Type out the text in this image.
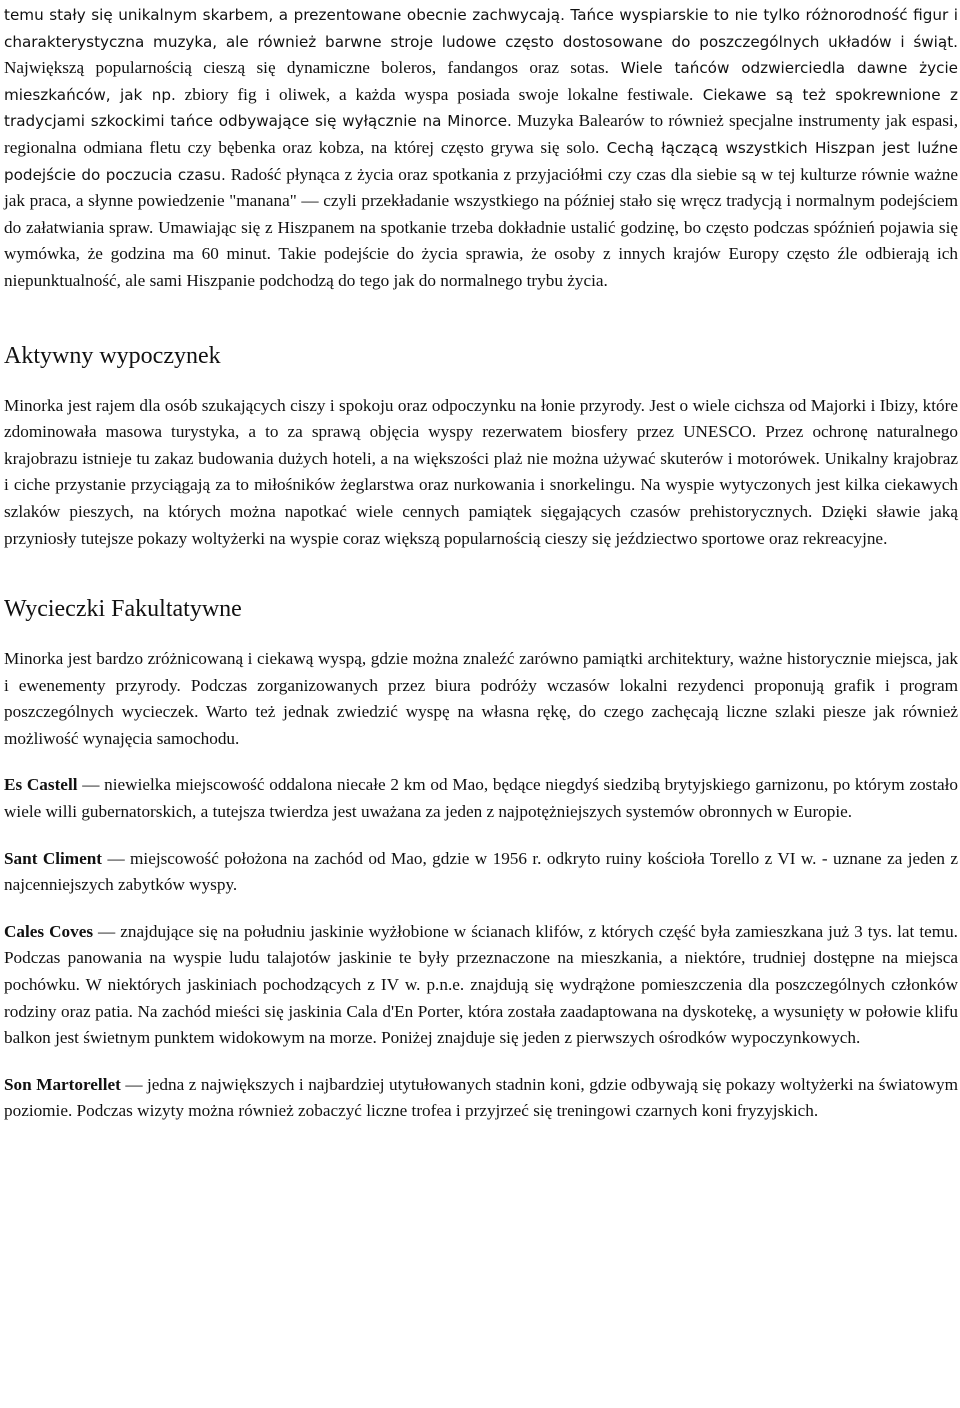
temu stały się unikalnym skarbem, a prezentowane obecnie zachwycają. Tańce wyspiarskie to nie tylko różnorodność figur i charakterystyczna muzyka, ale również barwne stroje ludowe często dostosowane do poszczególnych układów i świąt. Największą popularnością cieszą się dynamiczne boleros, fandangos oraz sotas. Wiele tańców odzwierciedla dawne życie mieszkańców, jak np. zbiory fig i oliwek, a każda wyspa posiada swoje lokalne festiwale. Ciekawe są też spokrewnione z tradycjami szkockimi tańce odbywające się wyłącznie na Minorce. Muzyka Balearów to również specjalne instrumenty jak espasi, regionalna odmiana fletu czy bębenka oraz kobza, na której często grywa się solo. Cechą łączącą wszystkich Hiszpan jest luźne podejście do poczucia czasu. Radość płynąca z życia oraz spotkania z przyjaciółmi czy czas dla siebie są w tej kulturze równie ważne jak praca, a słynne powiedzenie "manana" ― czyli przekładanie wszystkiego na później stało się wręcz tradycją i normalnym podejściem do załatwiania spraw. Umawiając się z Hiszpanem na spotkanie trzeba dokładnie ustalić godzinę, bo często podczas spóźnień pojawia się wymówka, że godzina ma 60 minut. Takie podejście do życia sprawia, że osoby z innych krajów Europy często źle odbierają ich niepunktualność, ale sami Hiszpanie podchodzą do tego jak do normalnego trybu życia.

Aktywny wypoczynek

Minorka jest rajem dla osób szukających ciszy i spokoju oraz odpoczynku na łonie przyrody. Jest o wiele cichsza od Majorki i Ibizy, które zdominowała masowa turystyka, a to za sprawą objęcia wyspy rezerwatem biosfery przez UNESCO. Przez ochronę naturalnego krajobrazu istnieje tu zakaz budowania dużych hoteli, a na większości plaż nie można używać skuterów i motorówek. Unikalny krajobraz i ciche przystanie przyciągają za to miłośników żeglarstwa oraz nurkowania i snorkelingu. Na wyspie wytyczonych jest kilka ciekawych szlaków pieszych, na których można napotkać wiele cennych pamiątek sięgających czasów prehistorycznych. Dzięki sławie jaką przyniosły tutejsze pokazy woltyżerki na wyspie coraz większą popularnością cieszy się jeździectwo sportowe oraz rekreacyjne.

Wycieczki Fakultatywne

Minorka jest bardzo zróżnicowaną i ciekawą wyspą, gdzie można znaleźć zarówno pamiątki architektury, ważne historycznie miejsca, jak i ewenementy przyrody. Podczas zorganizowanych przez biura podróży wczasów lokalni rezydenci proponują grafik i program poszczególnych wycieczek. Warto też jednak zwiedzić wyspę na własna rękę, do czego zachęcają liczne szlaki piesze jak również możliwość wynajęcia samochodu.

Es Castell ― niewielka miejscowość oddalona niecałe 2 km od Mao, będące niegdyś siedzibą brytyjskiego garnizonu, po którym zostało wiele willi gubernatorskich, a tutejsza twierdza jest uważana za jeden z najpotężniejszych systemów obronnych w Europie.

Sant Climent ― miejscowość położona na zachód od Mao, gdzie w 1956 r. odkryto ruiny kościoła Torello z VI w. - uznane za jeden z najcenniejszych zabytków wyspy.

Cales Coves ― znajdujące się na południu jaskinie wyżłobione w ścianach klifów, z których część była zamieszkana już 3 tys. lat temu. Podczas panowania na wyspie ludu talajotów jaskinie te były przeznaczone na mieszkania, a niektóre, trudniej dostępne na miejsca pochówku. W niektórych jaskiniach pochodzących z IV w. p.n.e. znajdują się wydrążone pomieszczenia dla poszczególnych członków rodziny oraz patia. Na zachód mieści się jaskinia Cala d'En Porter, która została zaadaptowana na dyskotekę, a wysunięty w połowie klifu balkon jest świetnym punktem widokowym na morze. Poniżej znajduje się jeden z pierwszych ośrodków wypoczynkowych.

Son Martorellet ― jedna z największych i najbardziej utytułowanych stadnin koni, gdzie odbywają się pokazy woltyżerki na światowym poziomie. Podczas wizyty można również zobaczyć liczne trofea i przyjrzeć się treningowi czarnych koni fryzyjskich.
